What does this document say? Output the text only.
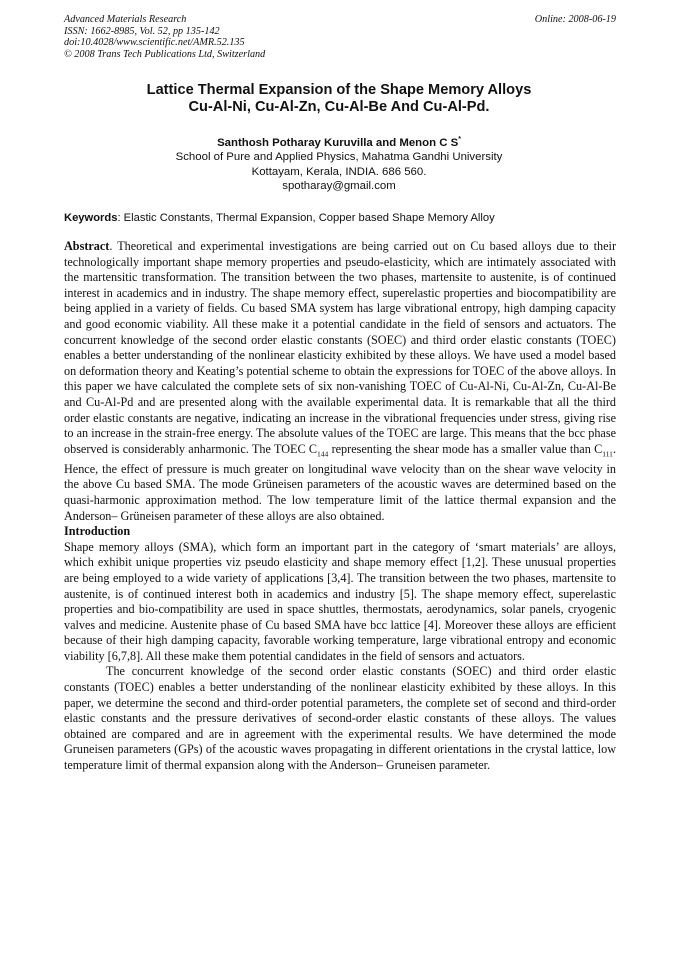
Advanced Materials Research
ISSN: 1662-8985, Vol. 52, pp 135-142
doi:10.4028/www.scientific.net/AMR.52.135
© 2008 Trans Tech Publications Ltd, Switzerland
Online: 2008-06-19
Lattice Thermal Expansion of the Shape Memory Alloys
Cu-Al-Ni, Cu-Al-Zn, Cu-Al-Be And Cu-Al-Pd.
Santhosh Potharay Kuruvilla and Menon C S*
School of Pure and Applied Physics, Mahatma Gandhi University
Kottayam, Kerala, INDIA. 686 560.
spotharay@gmail.com
Keywords: Elastic Constants, Thermal Expansion, Copper based Shape Memory Alloy

Abstract. Theoretical and experimental investigations are being carried out on Cu based alloys due to their technologically important shape memory properties and pseudo-elasticity, which are intimately associated with the martensitic transformation. The transition between the two phases, martensite to austenite, is of continued interest in academics and in industry. The shape memory effect, superelastic properties and biocompatibility are being applied in a variety of fields. Cu based SMA system has large vibrational entropy, high damping capacity and good economic viability. All these make it a potential candidate in the field of sensors and actuators. The concurrent knowledge of the second order elastic constants (SOEC) and third order elastic constants (TOEC) enables a better understanding of the nonlinear elasticity exhibited by these alloys. We have used a model based on deformation theory and Keating’s potential scheme to obtain the expressions for TOEC of the above alloys. In this paper we have calculated the complete sets of six non-vanishing TOEC of Cu-Al-Ni, Cu-Al-Zn, Cu-Al-Be and Cu-Al-Pd and are presented along with the available experimental data. It is remarkable that all the third order elastic constants are negative, indicating an increase in the vibrational frequencies under stress, giving rise to an increase in the strain-free energy. The absolute values of the TOEC are large. This means that the bcc phase observed is considerably anharmonic. The TOEC $C_{144}$ representing the shear mode has a smaller value than $C_{111}$. Hence, the effect of pressure is much greater on longitudinal wave velocity than on the shear wave velocity in the above Cu based SMA. The mode Grüneisen parameters of the acoustic waves are determined based on the quasi-harmonic approximation method. The low temperature limit of the lattice thermal expansion and the Anderson– Grüneisen parameter of these alloys are also obtained.

Introduction

Shape memory alloys (SMA), which form an important part in the category of ‘smart materials’ are alloys, which exhibit unique properties viz pseudo elasticity and shape memory effect [1,2]. These unusual properties are being employed to a wide variety of applications [3,4]. The transition between the two phases, martensite to austenite, is of continued interest both in academics and industry [5]. The shape memory effect, superelastic properties and bio-compatibility are used in space shuttles, thermostats, aerodynamics, solar panels, cryogenic valves and medicine. Austenite phase of Cu based SMA have bcc lattice [4]. Moreover these alloys are efficient because of their high damping capacity, favorable working temperature, large vibrational entropy and economic viability [6,7,8]. All these make them potential candidates in the field of sensors and actuators.

The concurrent knowledge of the second order elastic constants (SOEC) and third order elastic constants (TOEC) enables a better understanding of the nonlinear elasticity exhibited by these alloys. In this paper, we determine the second and third-order potential parameters, the complete set of second and third-order elastic constants and the pressure derivatives of second-order elastic constants of these alloys. The values obtained are compared and are in agreement with the experimental results. We have determined the mode Gruneisen parameters (GPs) of the acoustic waves propagating in different orientations in the crystal lattice, low temperature limit of thermal expansion along with the Anderson– Gruneisen parameter.
